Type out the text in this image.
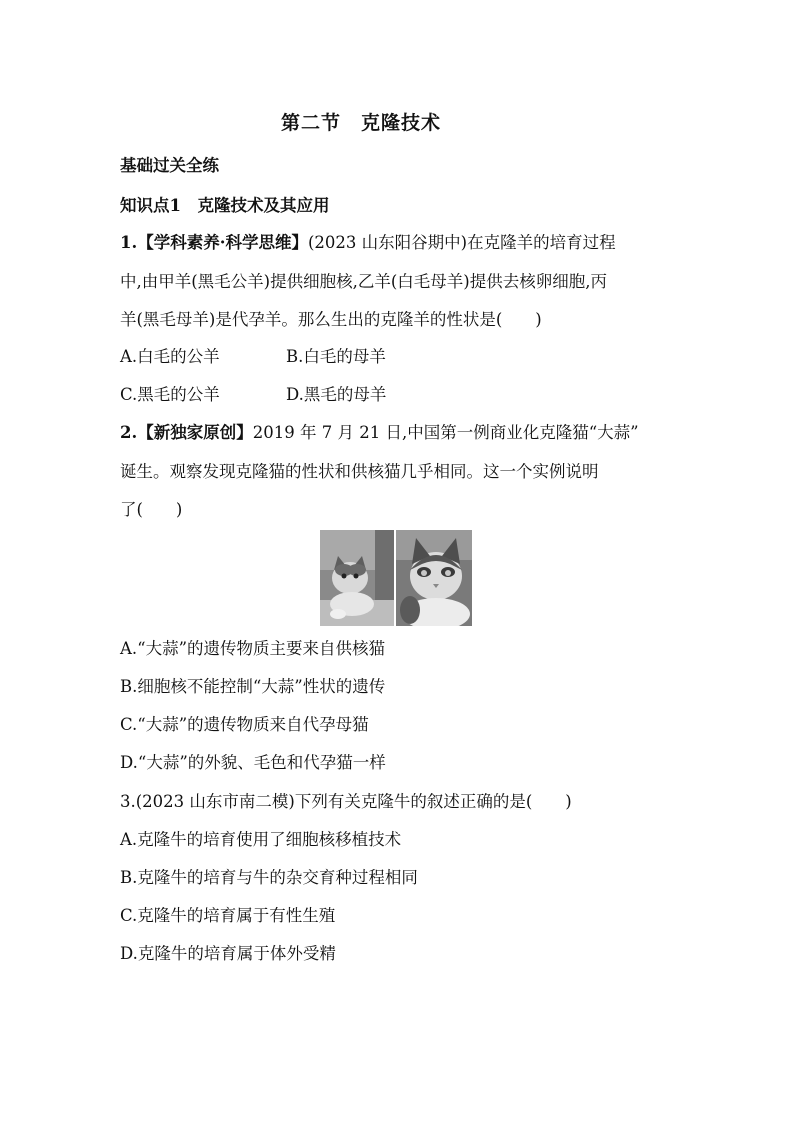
第二节　克隆技术
基础过关全练
知识点1　克隆技术及其应用
1.【学科素养·科学思维】(2023 山东阳谷期中)在克隆羊的培育过程
中,由甲羊(黑毛公羊)提供细胞核,乙羊(白毛母羊)提供去核卵细胞,丙
羊(黑毛母羊)是代孕羊。那么生出的克隆羊的性状是(　　)
A.白毛的公羊	B.白毛的母羊
C.黑毛的公羊	D.黑毛的母羊
2.【新独家原创】2019 年 7 月 21 日,中国第一例商业化克隆猫“大蒜”
诞生。观察发现克隆猫的性状和供核猫几乎相同。这一个实例说明
了(　　)
A.“大蒜”的遗传物质主要来自供核猫
B.细胞核不能控制“大蒜”性状的遗传
C.“大蒜”的遗传物质来自代孕母猫
D.“大蒜”的外貌、毛色和代孕猫一样
3.(2023 山东市南二模)下列有关克隆牛的叙述正确的是(　　)
A.克隆牛的培育使用了细胞核移植技术
B.克隆牛的培育与牛的杂交育种过程相同
C.克隆牛的培育属于有性生殖
D.克隆牛的培育属于体外受精
